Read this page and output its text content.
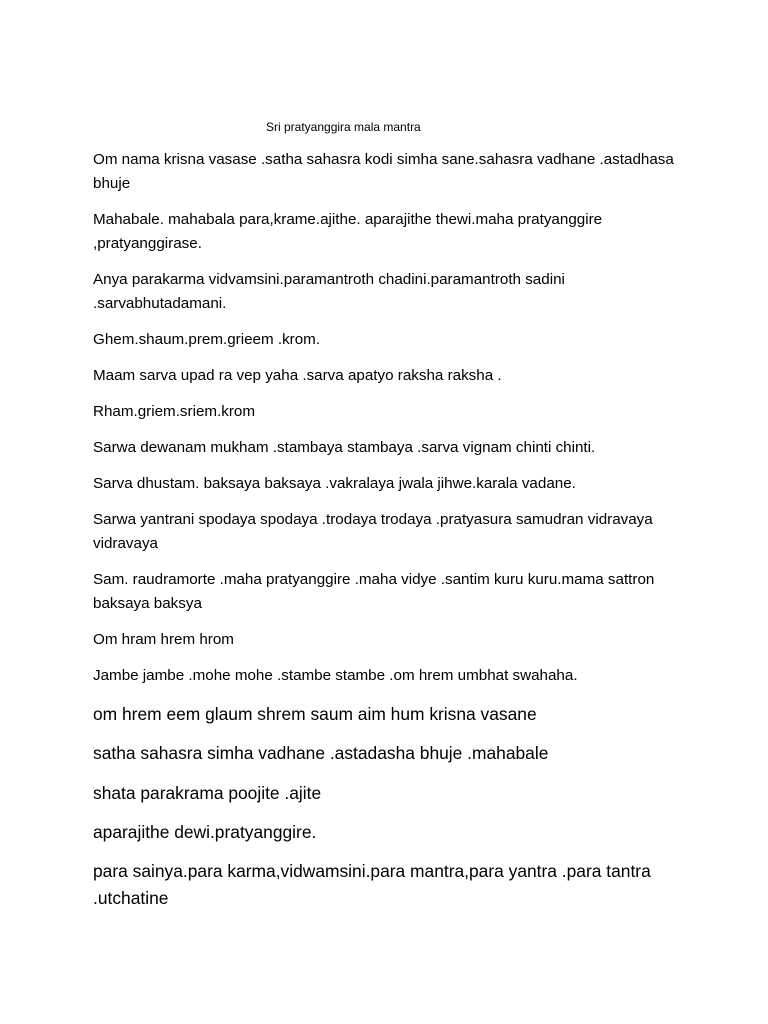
Sri pratyanggira mala mantra

Om nama krisna vasase .satha sahasra kodi simha sane.sahasra vadhane .astadhasa bhuje

Mahabale. mahabala para,krame.ajithe. aparajithe thewi.maha pratyanggire ,pratyanggirase.

Anya parakarma vidvamsini.paramantroth chadini.paramantroth sadini .sarvabhutadamani.

Ghem.shaum.prem.grieem .krom.

Maam sarva upad ra vep yaha .sarva apatyo raksha raksha .

Rham.griem.sriem.krom

Sarwa dewanam mukham .stambaya stambaya .sarva vignam chinti chinti.

Sarva dhustam. baksaya baksaya .vakralaya jwala jihwe.karala vadane.

Sarwa yantrani spodaya spodaya .trodaya trodaya .pratyasura samudran vidravaya vidravaya

Sam. raudramorte .maha pratyanggire .maha vidye .santim kuru kuru.mama sattron baksaya baksya

Om hram hrem hrom

Jambe jambe .mohe mohe .stambe stambe .om hrem umbhat swahaha.

om hrem eem glaum shrem saum aim hum krisna vasane

satha sahasra simha vadhane .astadasha bhuje .mahabale

shata parakrama poojite .ajite

aparajithe dewi.pratyanggire.

para sainya.para karma,vidwamsini.para mantra,para yantra .para tantra .utchatine
